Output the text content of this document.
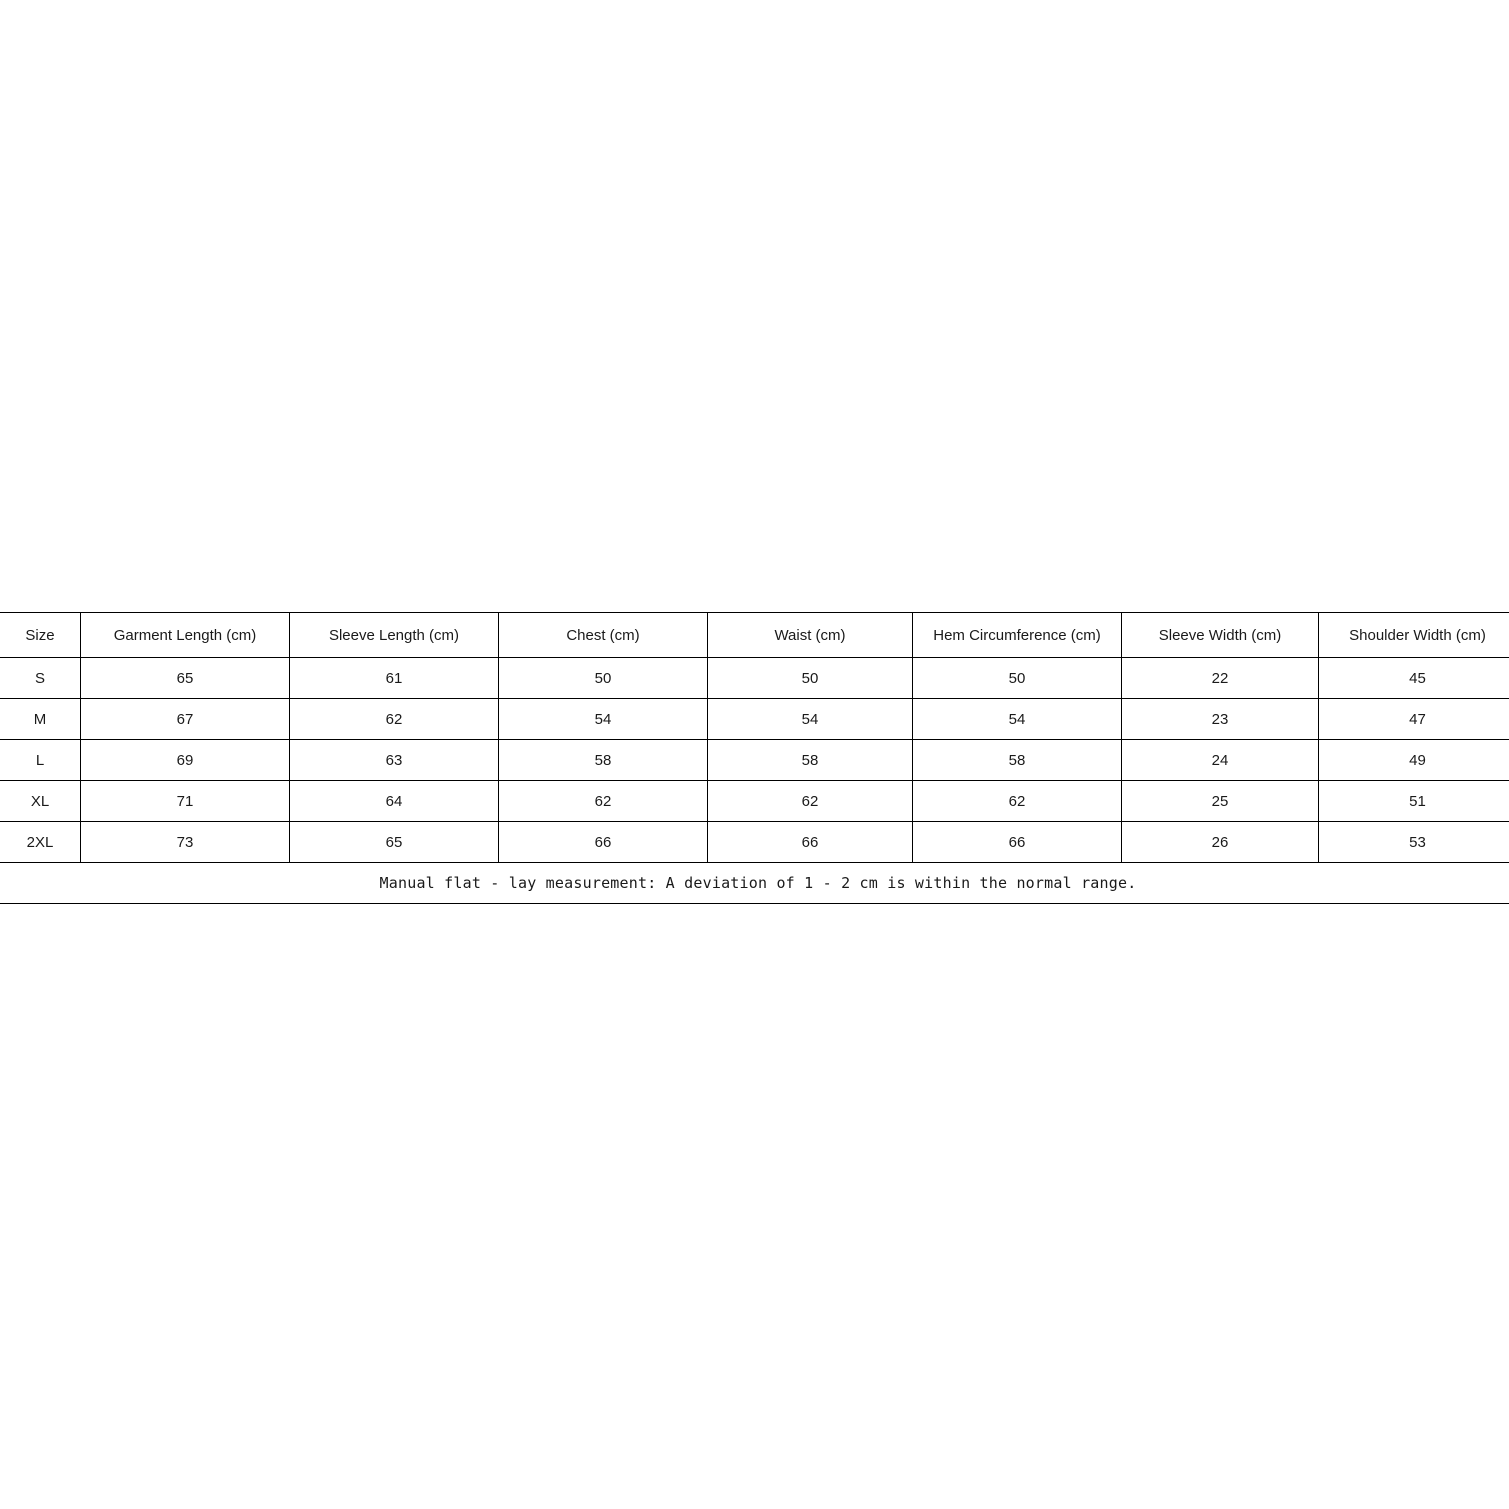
Size	Garment Length (cm)	Sleeve Length (cm)	Chest (cm)	Waist (cm)	Hem Circumference (cm)	Sleeve Width (cm)	Shoulder Width (cm)
S	65	61	50	50	50	22	45
M	67	62	54	54	54	23	47
L	69	63	58	58	58	24	49
XL	71	64	62	62	62	25	51
2XL	73	65	66	66	66	26	53
Manual flat - lay measurement: A deviation of 1 - 2 cm is within the normal range.							
